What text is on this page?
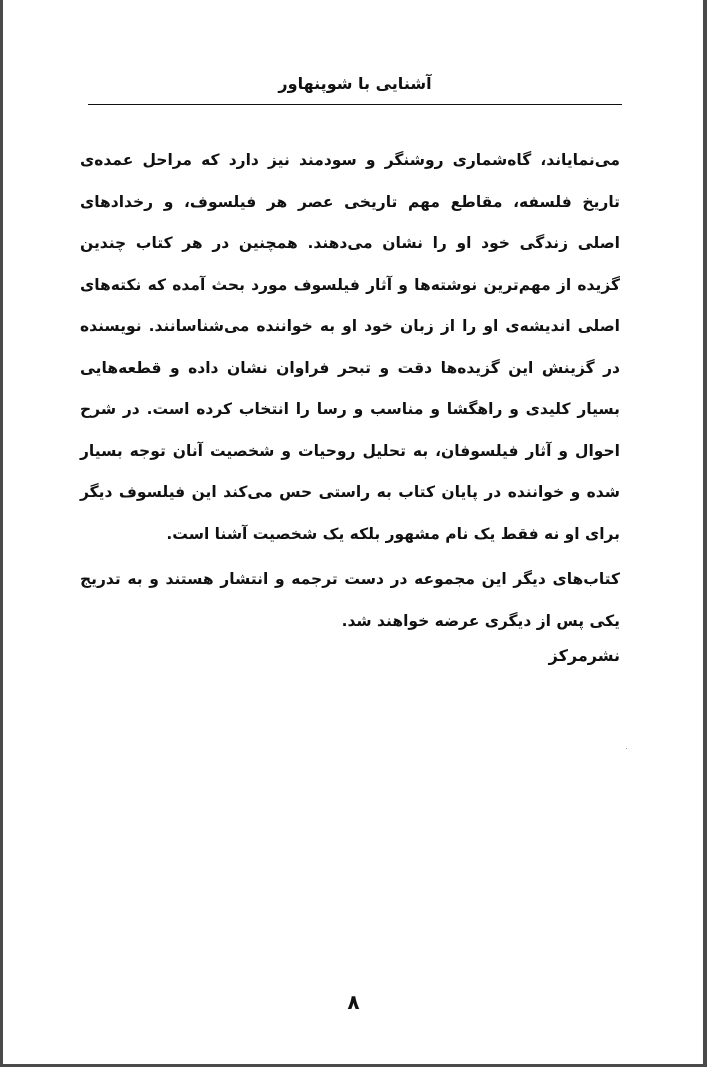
آشنایی با شوپنهاور

می‌نمایاند، گاه‌شماری روشنگر و سودمند نیز دارد که مراحل عمده‌ی تاریخ فلسفه، مقاطع مهم تاریخی عصر هر فیلسوف، و رخدادهای اصلی زندگی خود او را نشان می‌دهند. همچنین در هر کتاب چندین گزیده از مهم‌ترین نوشته‌ها و آثار فیلسوف مورد بحث آمده که نکته‌های اصلی اندیشه‌ی او را از زبان خود او به خواننده می‌شناسانند. نویسنده در گزینش این گزیده‌ها دقت و تبحر فراوان نشان داده و قطعه‌هایی بسیار کلیدی و راهگشا و مناسب و رسا را انتخاب کرده است. در شرح احوال و آثار فیلسوفان، به تحلیل روحیات و شخصیت آنان توجه بسیار شده و خواننده در پایان کتاب به راستی حس می‌کند این فیلسوف دیگر برای او نه فقط یک نام مشهور بلکه یک شخصیت آشنا است.

کتاب‌های دیگر این مجموعه در دست ترجمه و انتشار هستند و به تدریج یکی پس از دیگری عرضه خواهند شد.

نشرمرکز

۸
